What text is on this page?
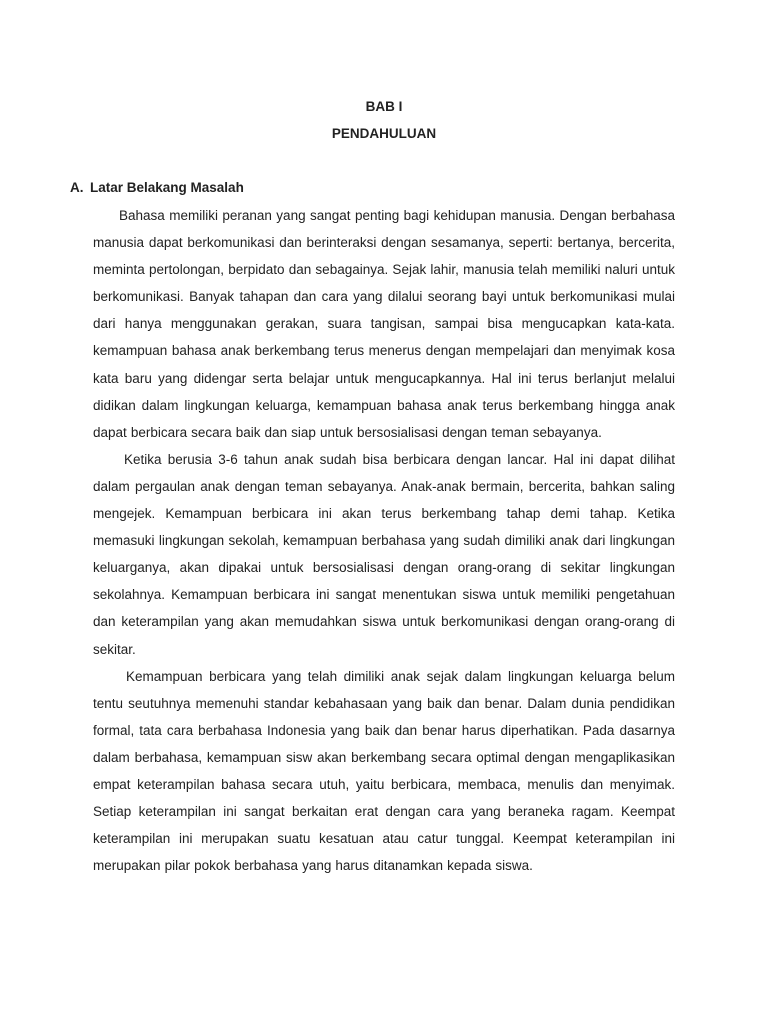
BAB I
PENDAHULUAN
A. Latar Belakang Masalah

Bahasa memiliki peranan yang sangat penting bagi kehidupan manusia. Dengan berbahasa manusia dapat berkomunikasi dan berinteraksi dengan sesamanya, seperti: bertanya, bercerita, meminta pertolongan, berpidato dan sebagainya. Sejak lahir, manusia telah memiliki naluri untuk berkomunikasi. Banyak tahapan dan cara yang dilalui seorang bayi untuk berkomunikasi mulai dari hanya menggunakan gerakan, suara tangisan, sampai bisa mengucapkan kata-kata. kemampuan bahasa anak berkembang terus menerus dengan mempelajari dan menyimak kosa kata baru yang didengar serta belajar untuk mengucapkannya. Hal ini terus berlanjut melalui didikan dalam lingkungan keluarga, kemampuan bahasa anak terus berkembang hingga anak dapat berbicara secara baik dan siap untuk bersosialisasi dengan teman sebayanya.

Ketika berusia 3-6 tahun anak sudah bisa berbicara dengan lancar. Hal ini dapat dilihat dalam pergaulan anak dengan teman sebayanya. Anak-anak bermain, bercerita, bahkan saling mengejek. Kemampuan berbicara ini akan terus berkembang tahap demi tahap. Ketika memasuki lingkungan sekolah, kemampuan berbahasa yang sudah dimiliki anak dari lingkungan keluarganya, akan dipakai untuk bersosialisasi dengan orang-orang di sekitar lingkungan sekolahnya. Kemampuan berbicara ini sangat menentukan siswa untuk memiliki pengetahuan dan keterampilan yang akan memudahkan siswa untuk berkomunikasi dengan orang-orang di sekitar.

Kemampuan berbicara yang telah dimiliki anak sejak dalam lingkungan keluarga belum tentu seutuhnya memenuhi standar kebahasaan yang baik dan benar. Dalam dunia pendidikan formal, tata cara berbahasa Indonesia yang baik dan benar harus diperhatikan. Pada dasarnya dalam berbahasa, kemampuan sisw akan berkembang secara optimal dengan mengaplikasikan empat keterampilan bahasa secara utuh, yaitu berbicara, membaca, menulis dan menyimak. Setiap keterampilan ini sangat berkaitan erat dengan cara yang beraneka ragam. Keempat keterampilan ini merupakan suatu kesatuan atau catur tunggal. Keempat keterampilan ini merupakan pilar pokok berbahasa yang harus ditanamkan kepada siswa.
